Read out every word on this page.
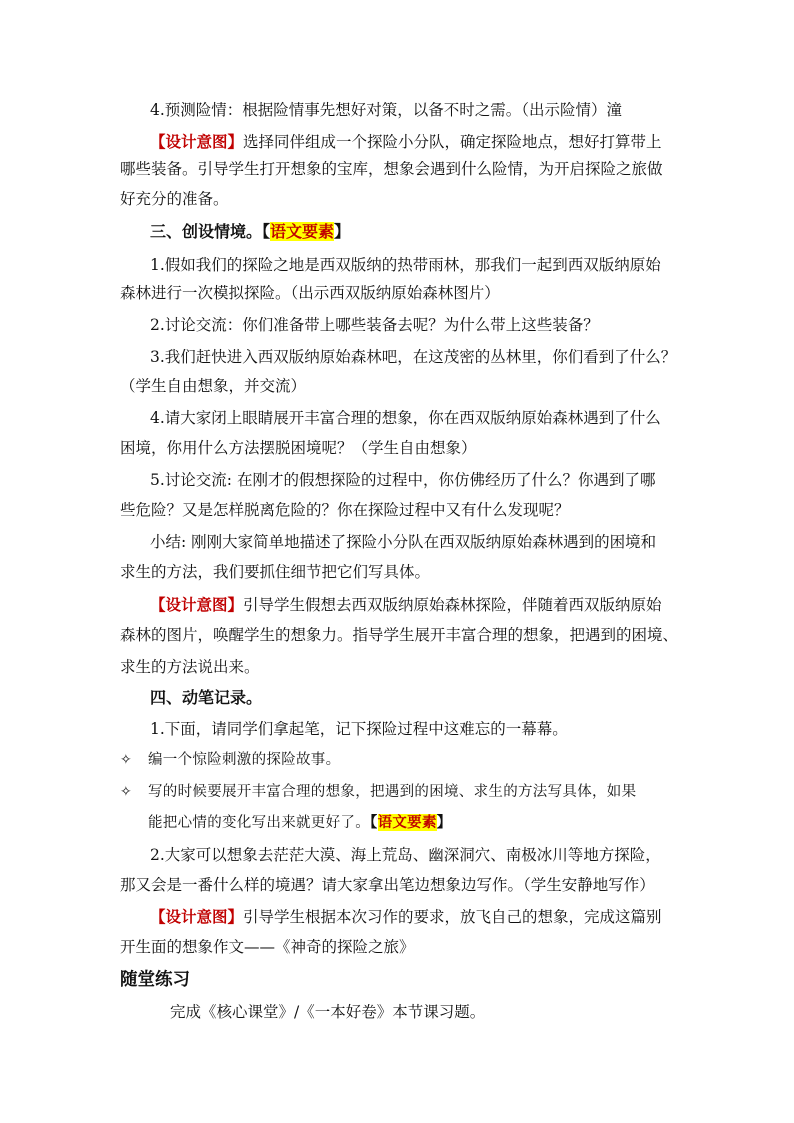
4.预测险情：根据险情事先想好对策，以备不时之需。（出示险情）潼
【设计意图】选择同伴组成一个探险小分队，确定探险地点，想好打算带上
哪些装备。引导学生打开想象的宝库，想象会遇到什么险情，为开启探险之旅做
好充分的准备。
三、创设情境。【语文要素】
1.假如我们的探险之地是西双版纳的热带雨林，那我们一起到西双版纳原始
森林进行一次模拟探险。（出示西双版纳原始森林图片）
2.讨论交流：你们准备带上哪些装备去呢？为什么带上这些装备？
3.我们赶快进入西双版纳原始森林吧，在这茂密的丛林里，你们看到了什么？
（学生自由想象，并交流）
4.请大家闭上眼睛展开丰富合理的想象，你在西双版纳原始森林遇到了什么
困境，你用什么方法摆脱困境呢？（学生自由想象）
5.讨论交流: 在刚才的假想探险的过程中，你仿佛经历了什么？你遇到了哪
些危险？又是怎样脱离危险的？你在探险过程中又有什么发现呢？
小结: 刚刚大家简单地描述了探险小分队在西双版纳原始森林遇到的困境和
求生的方法，我们要抓住细节把它们写具体。
【设计意图】引导学生假想去西双版纳原始森林探险，伴随着西双版纳原始
森林的图片，唤醒学生的想象力。指导学生展开丰富合理的想象，把遇到的困境、
求生的方法说出来。
四、动笔记录。
1.下面，请同学们拿起笔，记下探险过程中这难忘的一幕幕。
✧ 编一个惊险刺激的探险故事。
✧ 写的时候要展开丰富合理的想象，把遇到的困境、求生的方法写具体，如果
能把心情的变化写出来就更好了。【语文要素】
2.大家可以想象去茫茫大漠、海上荒岛、幽深洞穴、南极冰川等地方探险，
那又会是一番什么样的境遇？请大家拿出笔边想象边写作。（学生安静地写作）
【设计意图】引导学生根据本次习作的要求，放飞自己的想象，完成这篇别
开生面的想象作文——《神奇的探险之旅》
随堂练习
完成《核心课堂》/《一本好卷》本节课习题。
